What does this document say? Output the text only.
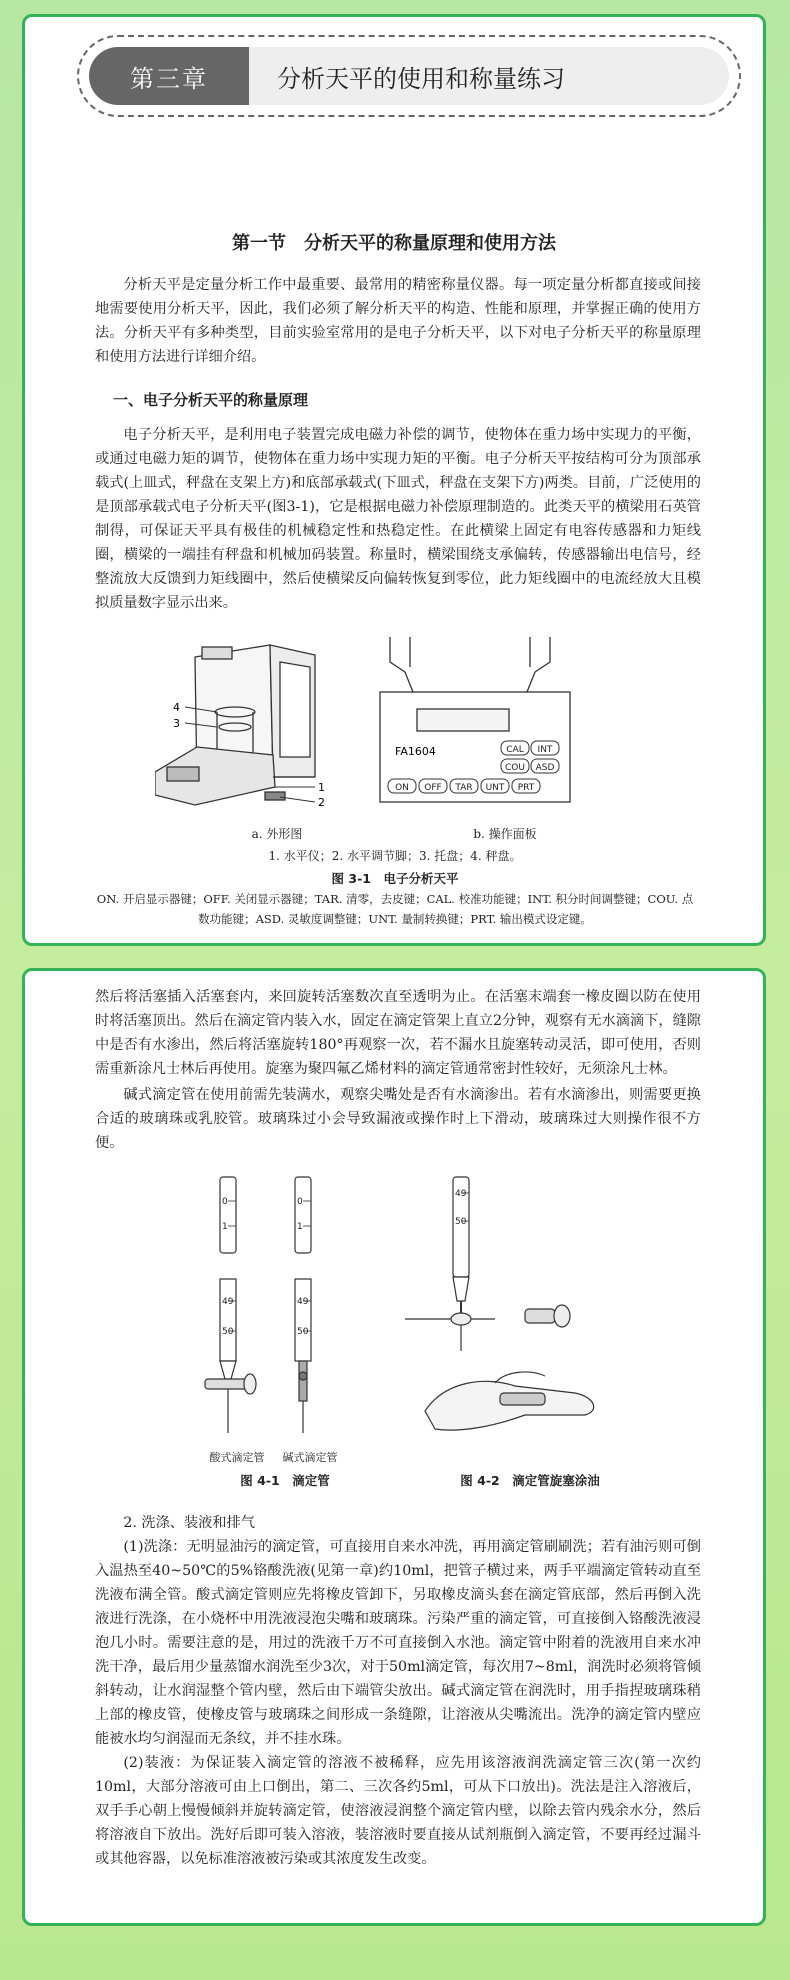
第三章	分析天平的使用和称量练习
第一节　分析天平的称量原理和使用方法

分析天平是定量分析工作中最重要、最常用的精密称量仪器。每一项定量分析都直接或间接地需要使用分析天平，因此，我们必须了解分析天平的构造、性能和原理，并掌握正确的使用方法。分析天平有多种类型，目前实验室常用的是电子分析天平，以下对电子分析天平的称量原理和使用方法进行详细介绍。

一、电子分析天平的称量原理

电子分析天平，是利用电子装置完成电磁力补偿的调节，使物体在重力场中实现力的平衡，或通过电磁力矩的调节，使物体在重力场中实现力矩的平衡。电子分析天平按结构可分为顶部承载式(上皿式，秤盘在支架上方)和底部承载式(下皿式，秤盘在支架下方)两类。目前，广泛使用的是顶部承载式电子分析天平(图3-1)，它是根据电磁力补偿原理制造的。此类天平的横梁用石英管制得，可保证天平具有极佳的机械稳定性和热稳定性。在此横梁上固定有电容传感器和力矩线圈，横梁的一端挂有秤盘和机械加码装置。称量时，横梁围绕支承偏转，传感器输出电信号，经整流放大反馈到力矩线圈中，然后使横梁反向偏转恢复到零位，此力矩线圈中的电流经放大且模拟质量数字显示出来。

4
3
1
2
FA1604	CAL INT
COU ASD
ON OFF TAR UNT PRT
a. 外形图	b. 操作面板
1. 水平仪；2. 水平调节脚；3. 托盘；4. 秤盘。
图 3-1　电子分析天平
ON. 开启显示器键；OFF. 关闭显示器键；TAR. 清零，去皮键；CAL. 校准功能键；INT. 积分时间调整键；COU. 点数功能键；ASD. 灵敏度调整键；UNT. 量制转换键；PRT. 输出模式设定键。

然后将活塞插入活塞套内，来回旋转活塞数次直至透明为止。在活塞末端套一橡皮圈以防在使用时将活塞顶出。然后在滴定管内装入水，固定在滴定管架上直立2分钟，观察有无水滴滴下，缝隙中是否有水渗出，然后将活塞旋转180°再观察一次，若不漏水且旋塞转动灵活，即可使用，否则需重新涂凡士林后再使用。旋塞为聚四氟乙烯材料的滴定管通常密封性较好，无须涂凡士林。

碱式滴定管在使用前需先装满水，观察尖嘴处是否有水滴渗出。若有水滴渗出，则需要更换合适的玻璃珠或乳胶管。玻璃珠过小会导致漏液或操作时上下滑动，玻璃珠过大则操作很不方便。

0
1
49
50
0
1
49
50
酸式滴定管	碱式滴定管
图 4-1　滴定管
49
50
图 4-2　滴定管旋塞涂油

2. 洗涤、装液和排气

(1)洗涤：无明显油污的滴定管，可直接用自来水冲洗，再用滴定管刷刷洗；若有油污则可倒入温热至40~50℃的5%铬酸洗液(见第一章)约10ml，把管子横过来，两手平端滴定管转动直至洗液布满全管。酸式滴定管则应先将橡皮管卸下，另取橡皮滴头套在滴定管底部，然后再倒入洗液进行洗涤，在小烧杯中用洗液浸泡尖嘴和玻璃珠。污染严重的滴定管，可直接倒入铬酸洗液浸泡几小时。需要注意的是，用过的洗液千万不可直接倒入水池。滴定管中附着的洗液用自来水冲洗干净，最后用少量蒸馏水润洗至少3次，对于50ml滴定管，每次用7~8ml，润洗时必须将管倾斜转动，让水润湿整个管内壁，然后由下端管尖放出。碱式滴定管在润洗时，用手指捏玻璃珠稍上部的橡皮管，使橡皮管与玻璃珠之间形成一条缝隙，让溶液从尖嘴流出。洗净的滴定管内壁应能被水均匀润湿而无条纹，并不挂水珠。

(2)装液：为保证装入滴定管的溶液不被稀释，应先用该溶液润洗滴定管三次(第一次约10ml，大部分溶液可由上口倒出，第二、三次各约5ml，可从下口放出)。洗法是注入溶液后，双手手心朝上慢慢倾斜并旋转滴定管，使溶液浸润整个滴定管内壁，以除去管内残余水分，然后将溶液自下放出。洗好后即可装入溶液，装溶液时要直接从试剂瓶倒入滴定管，不要再经过漏斗或其他容器，以免标准溶液被污染或其浓度发生改变。
